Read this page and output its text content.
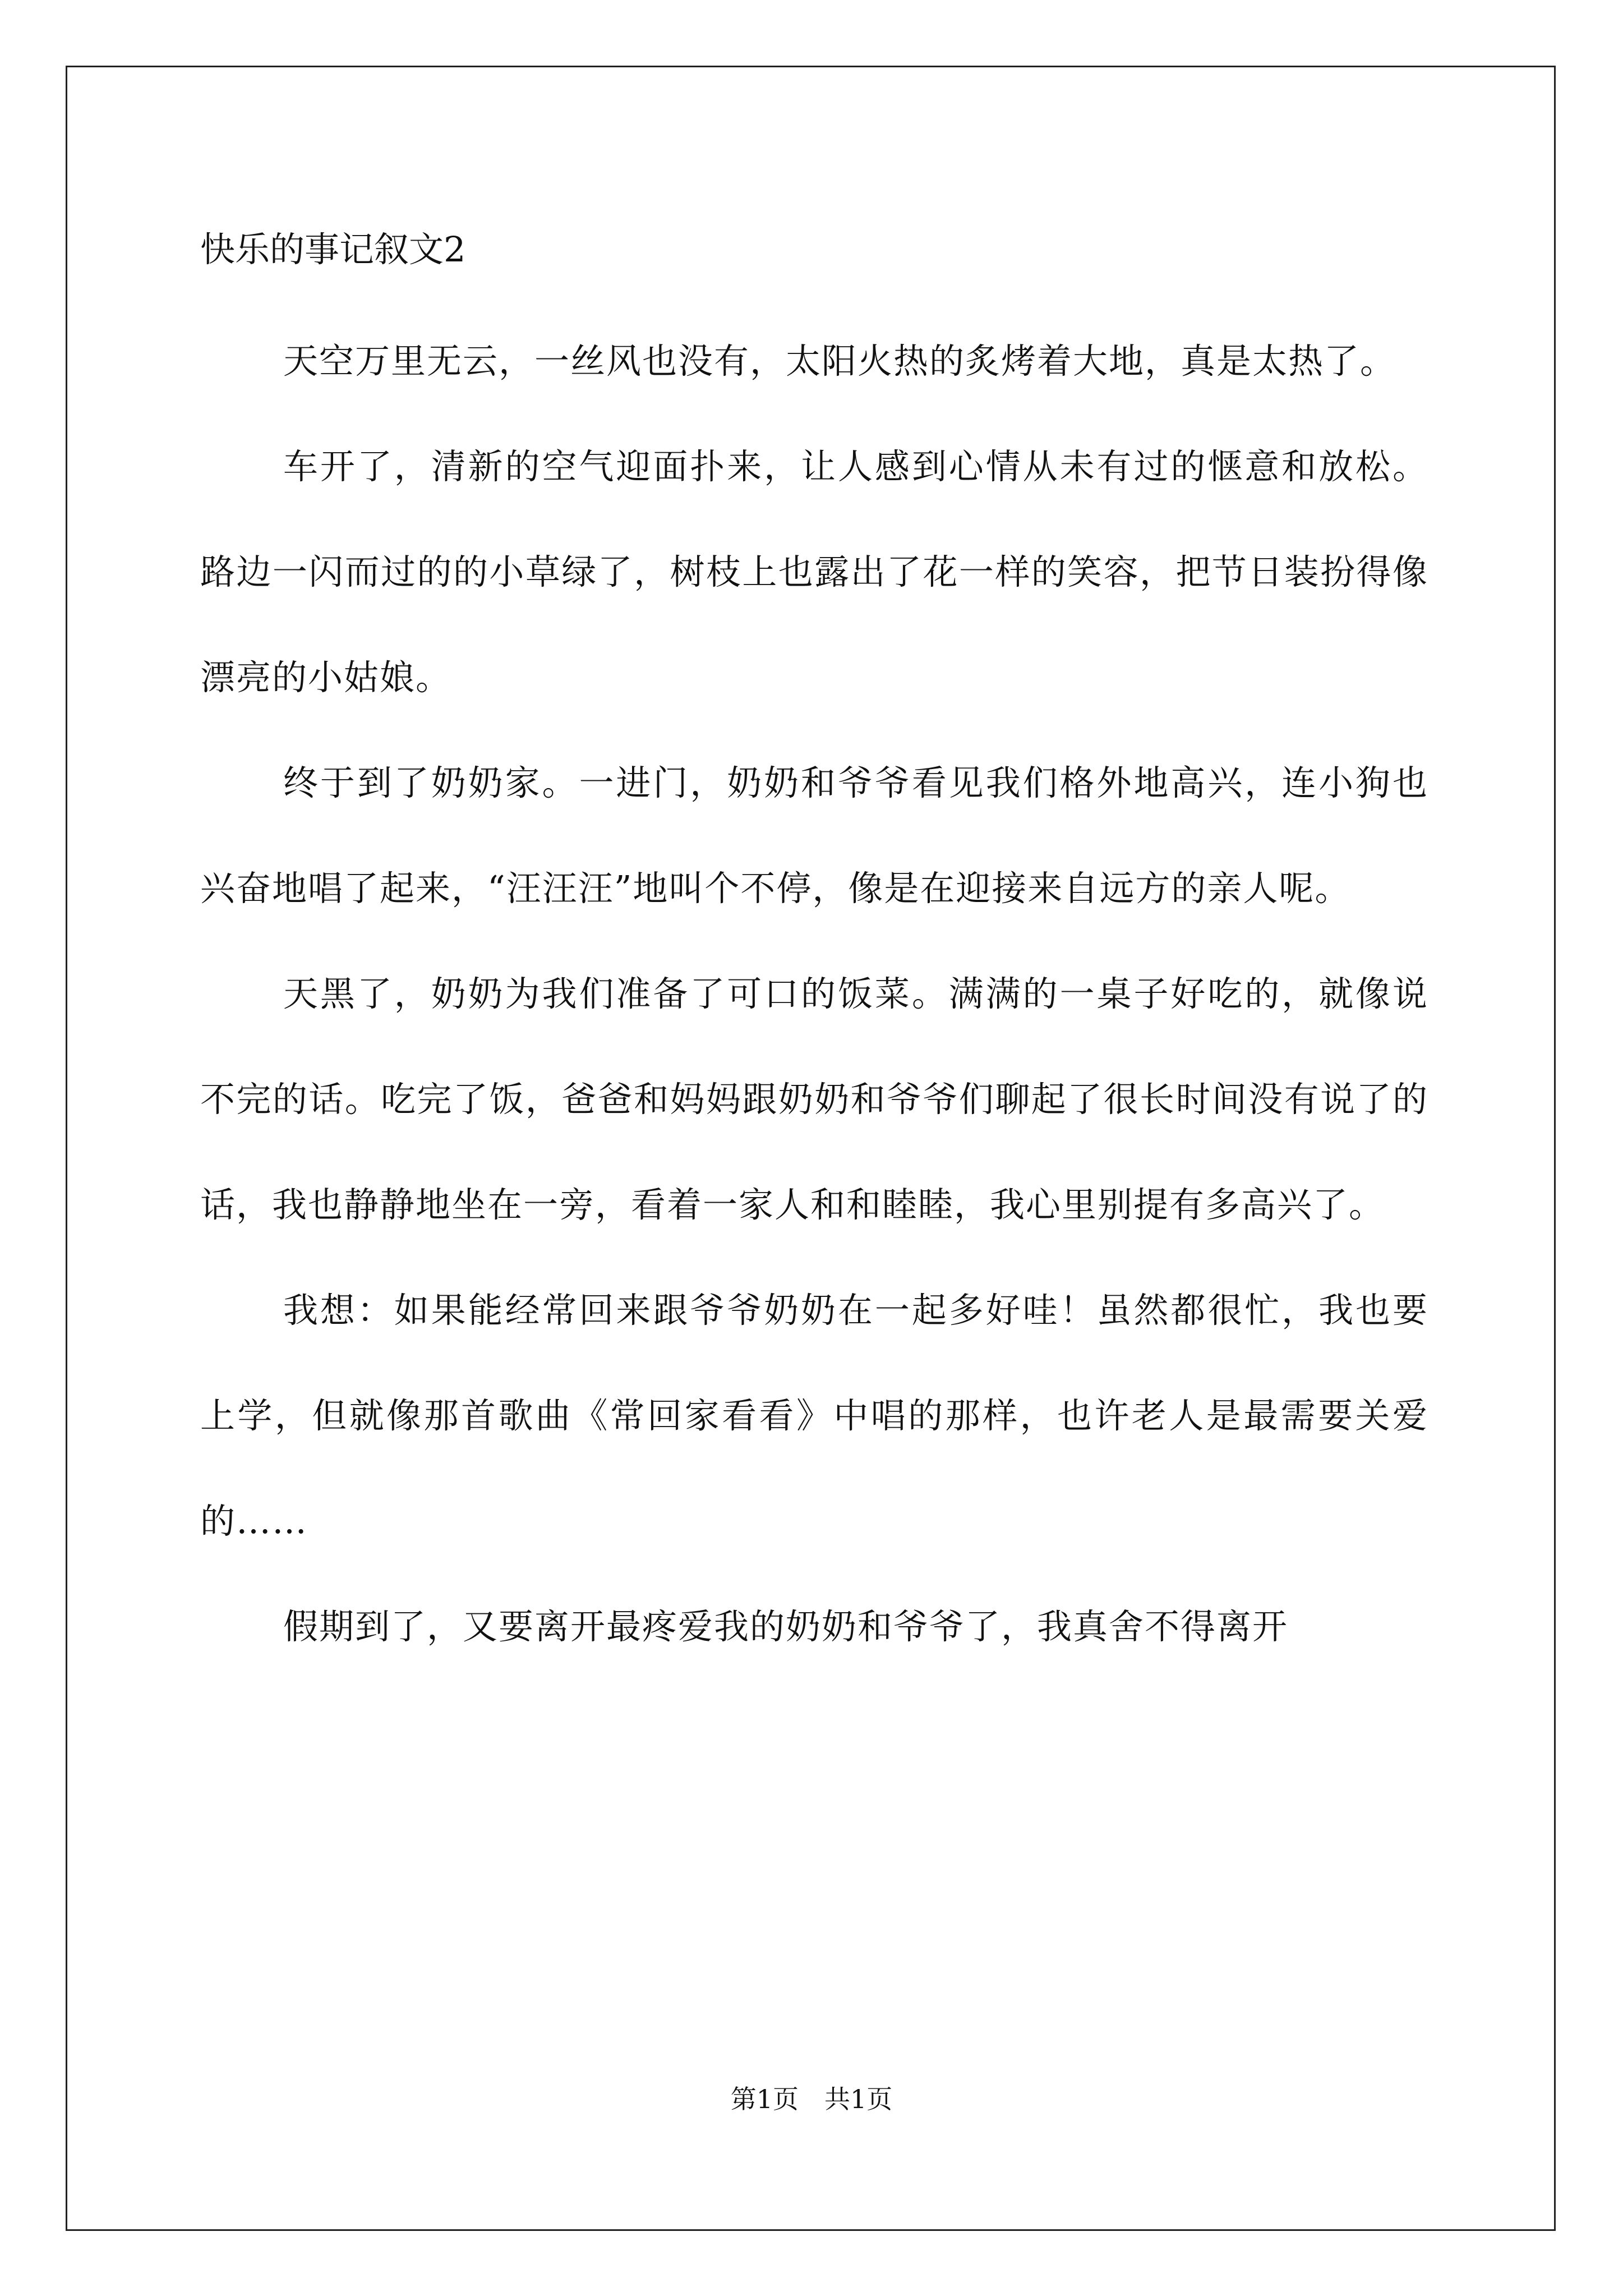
快乐的事记叙文2

天空万里无云，一丝风也没有，太阳火热的炙烤着大地，真是太热了。

车开了，清新的空气迎面扑来，让人感到心情从未有过的惬意和放松。路边一闪而过的的小草绿了，树枝上也露出了花一样的笑容，把节日装扮得像漂亮的小姑娘。

终于到了奶奶家。一进门，奶奶和爷爷看见我们格外地高兴，连小狗也兴奋地唱了起来，“汪汪汪”地叫个不停，像是在迎接来自远方的亲人呢。

天黑了，奶奶为我们准备了可口的饭菜。满满的一桌子好吃的，就像说不完的话。吃完了饭，爸爸和妈妈跟奶奶和爷爷们聊起了很长时间没有说了的话，我也静静地坐在一旁，看着一家人和和睦睦，我心里别提有多高兴了。

我想：如果能经常回来跟爷爷奶奶在一起多好哇！虽然都很忙，我也要上学，但就像那首歌曲《常回家看看》中唱的那样，也许老人是最需要关爱的……

假期到了，又要离开最疼爱我的奶奶和爷爷了，我真舍不得离开

第1页 共1页
